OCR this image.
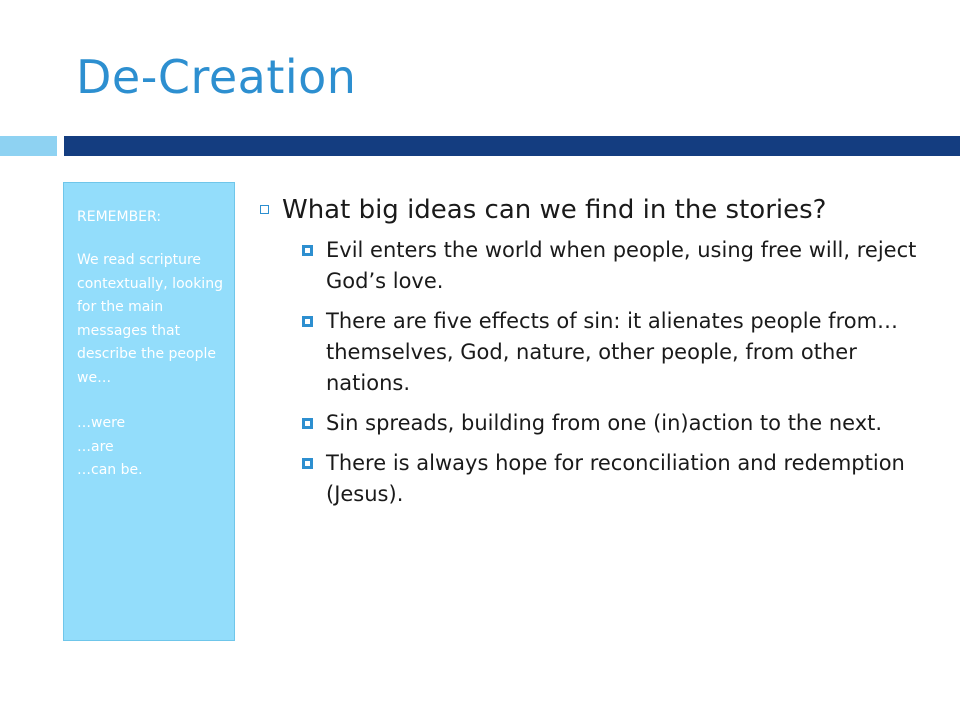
De-Creation
REMEMBER:
We read scripture contextually, looking for the main messages that describe the people we…
…were
…are
…can be.
What big ideas can we find in the stories?
Evil enters the world when people, using free will, reject God’s love.
There are five effects of sin: it alienates people from…themselves, God, nature, other people, from other nations.
Sin spreads, building from one (in)action to the next.
There is always hope for reconciliation and redemption (Jesus).
